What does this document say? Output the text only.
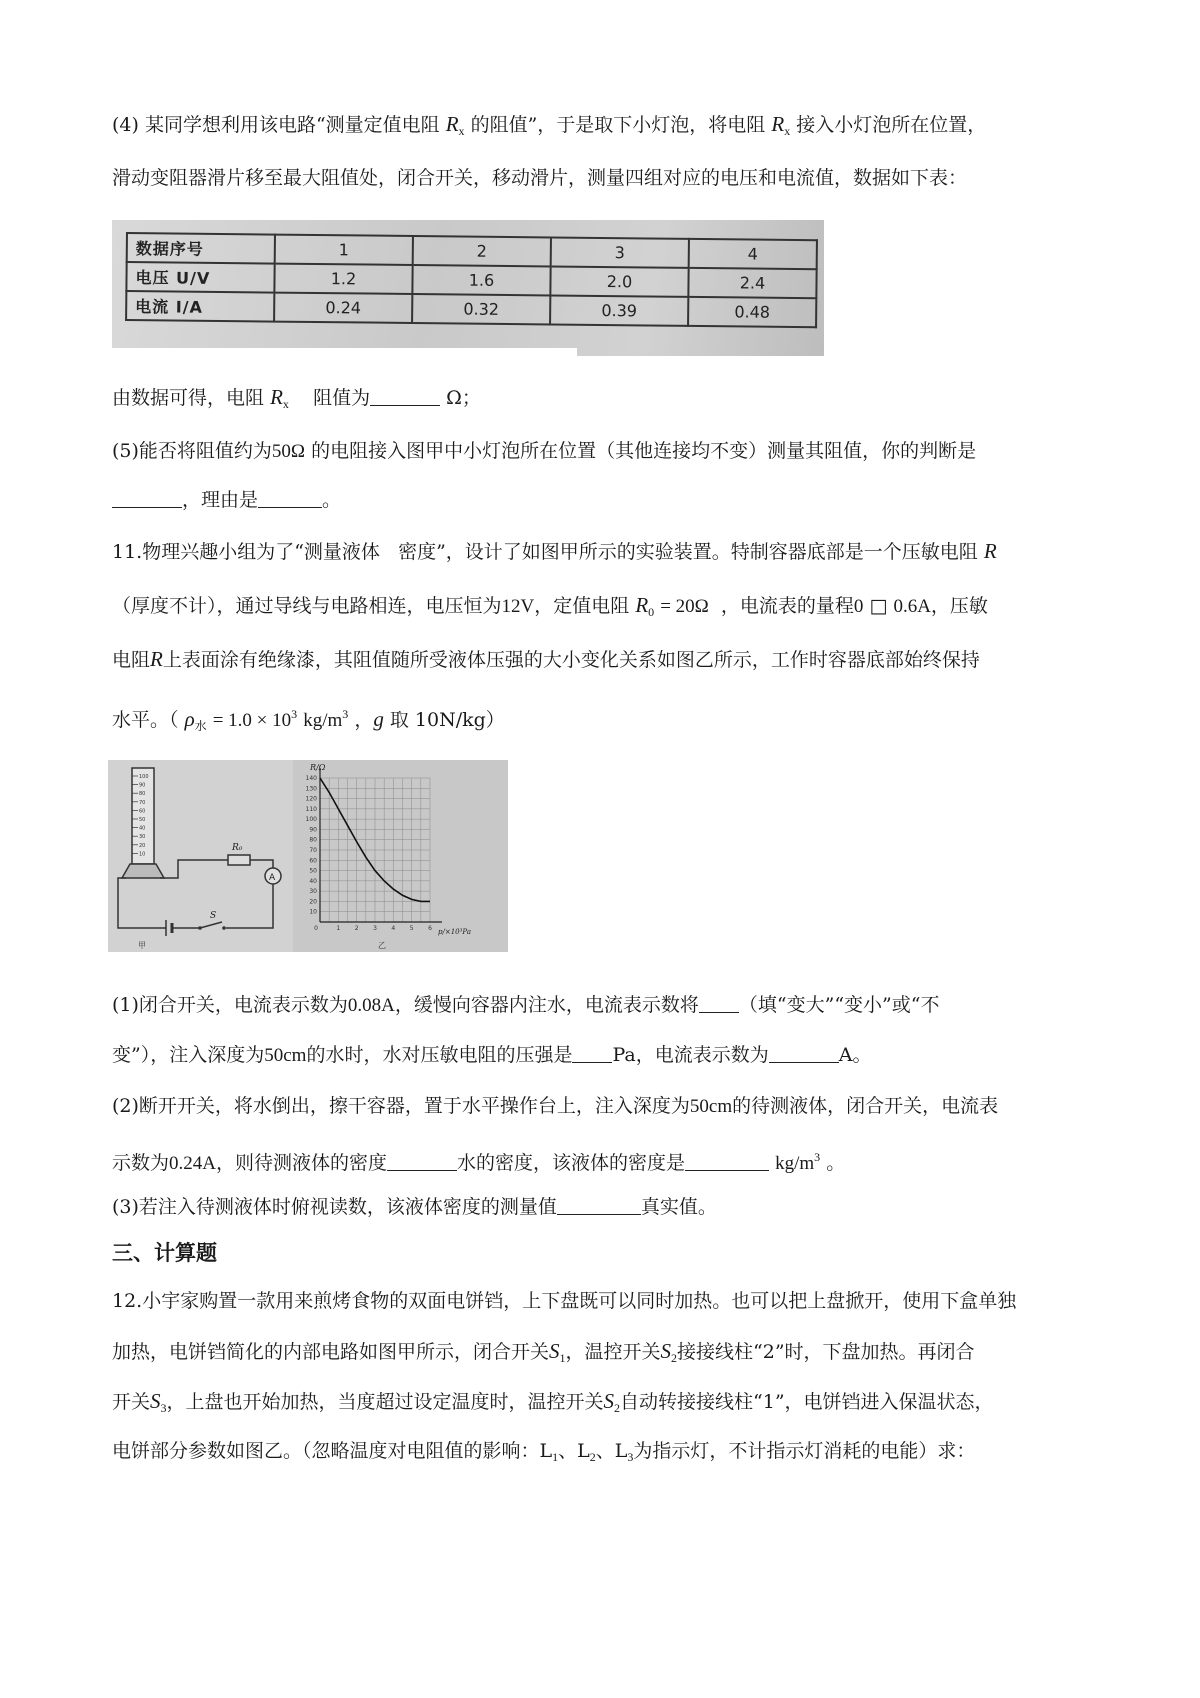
(4) 某同学想利用该电路“测量定值电阻 $R_x$ 的阻值”，于是取下小灯泡，将电阻 $R_x$ 接入小灯泡所在位置，
滑动变阻器滑片移至最大阻值处，闭合开关，移动滑片，测量四组对应的电压和电流值，数据如下表：
数据序号	1	2	3	4
电压 U/V	1.2	1.6	2.0	2.4
电流 I/A	0.24	0.32	0.39	0.48
由数据可得，电阻 $R_x$ 阻值为	Ω；
(5)能否将阻值约为50Ω 的电阻接入图甲中小灯泡所在位置（其他连接均不变）测量其阻值，你的判断是
，理由是	。
11.物理兴趣小组为了“测量液体 密度”，设计了如图甲所示的实验装置。特制容器底部是一个压敏电阻 R
（厚度不计），通过导线与电路相连，电压恒为12V，定值电阻 $R_0 = 20\Omega$ ，电流表的量程0 □ 0.6A，压敏
电阻R上表面涂有绝缘漆，其阻值随所受液体压强的大小变化关系如图乙所示，工作时容器底部始终保持
水平。（ $\rho_水 = 1.0 \times 10^3$ $kg/m^3$ ，g 取 10N/kg）
100
90
80
70
60
50
40
30
20
10
S
R₀
A
甲
140
130
120
110
100
90
80
70
60
50
40
30
20
10
0	1 2 3 4 5 6
R/Ω
p/×10³Pa
乙
(1)闭合开关，电流表示数为0.08A，缓慢向容器内注水，电流表示数将 （填“变大”“变小”或“不
变”），注入深度为50cm的水时，水对压敏电阻的压强是 Pa，电流表示数为	A。
(2)断开开关，将水倒出，擦干容器，置于水平操作台上，注入深度为50cm的待测液体，闭合开关，电流表
示数为0.24A，则待测液体的密度	水的密度，该液体的密度是	$kg/m^3$ 。
(3)若注入待测液体时俯视读数，该液体密度的测量值	真实值。
三、计算题
12.小宇家购置一款用来煎烤食物的双面电饼铛，上下盘既可以同时加热。也可以把上盘掀开，使用下盒单独
加热，电饼铛简化的内部电路如图甲所示，闭合开关$S_1$，温控开关$S_2$接接线柱“2”时，下盘加热。再闭合
开关$S_3$，上盘也开始加热，当度超过设定温度时，温控开关$S_2$自动转接接线柱“1”，电饼铛进入保温状态，
电饼部分参数如图乙。（忽略温度对电阻值的影响：$L_1$、$L_2$、$L_3$为指示灯，不计指示灯消耗的电能）求：
